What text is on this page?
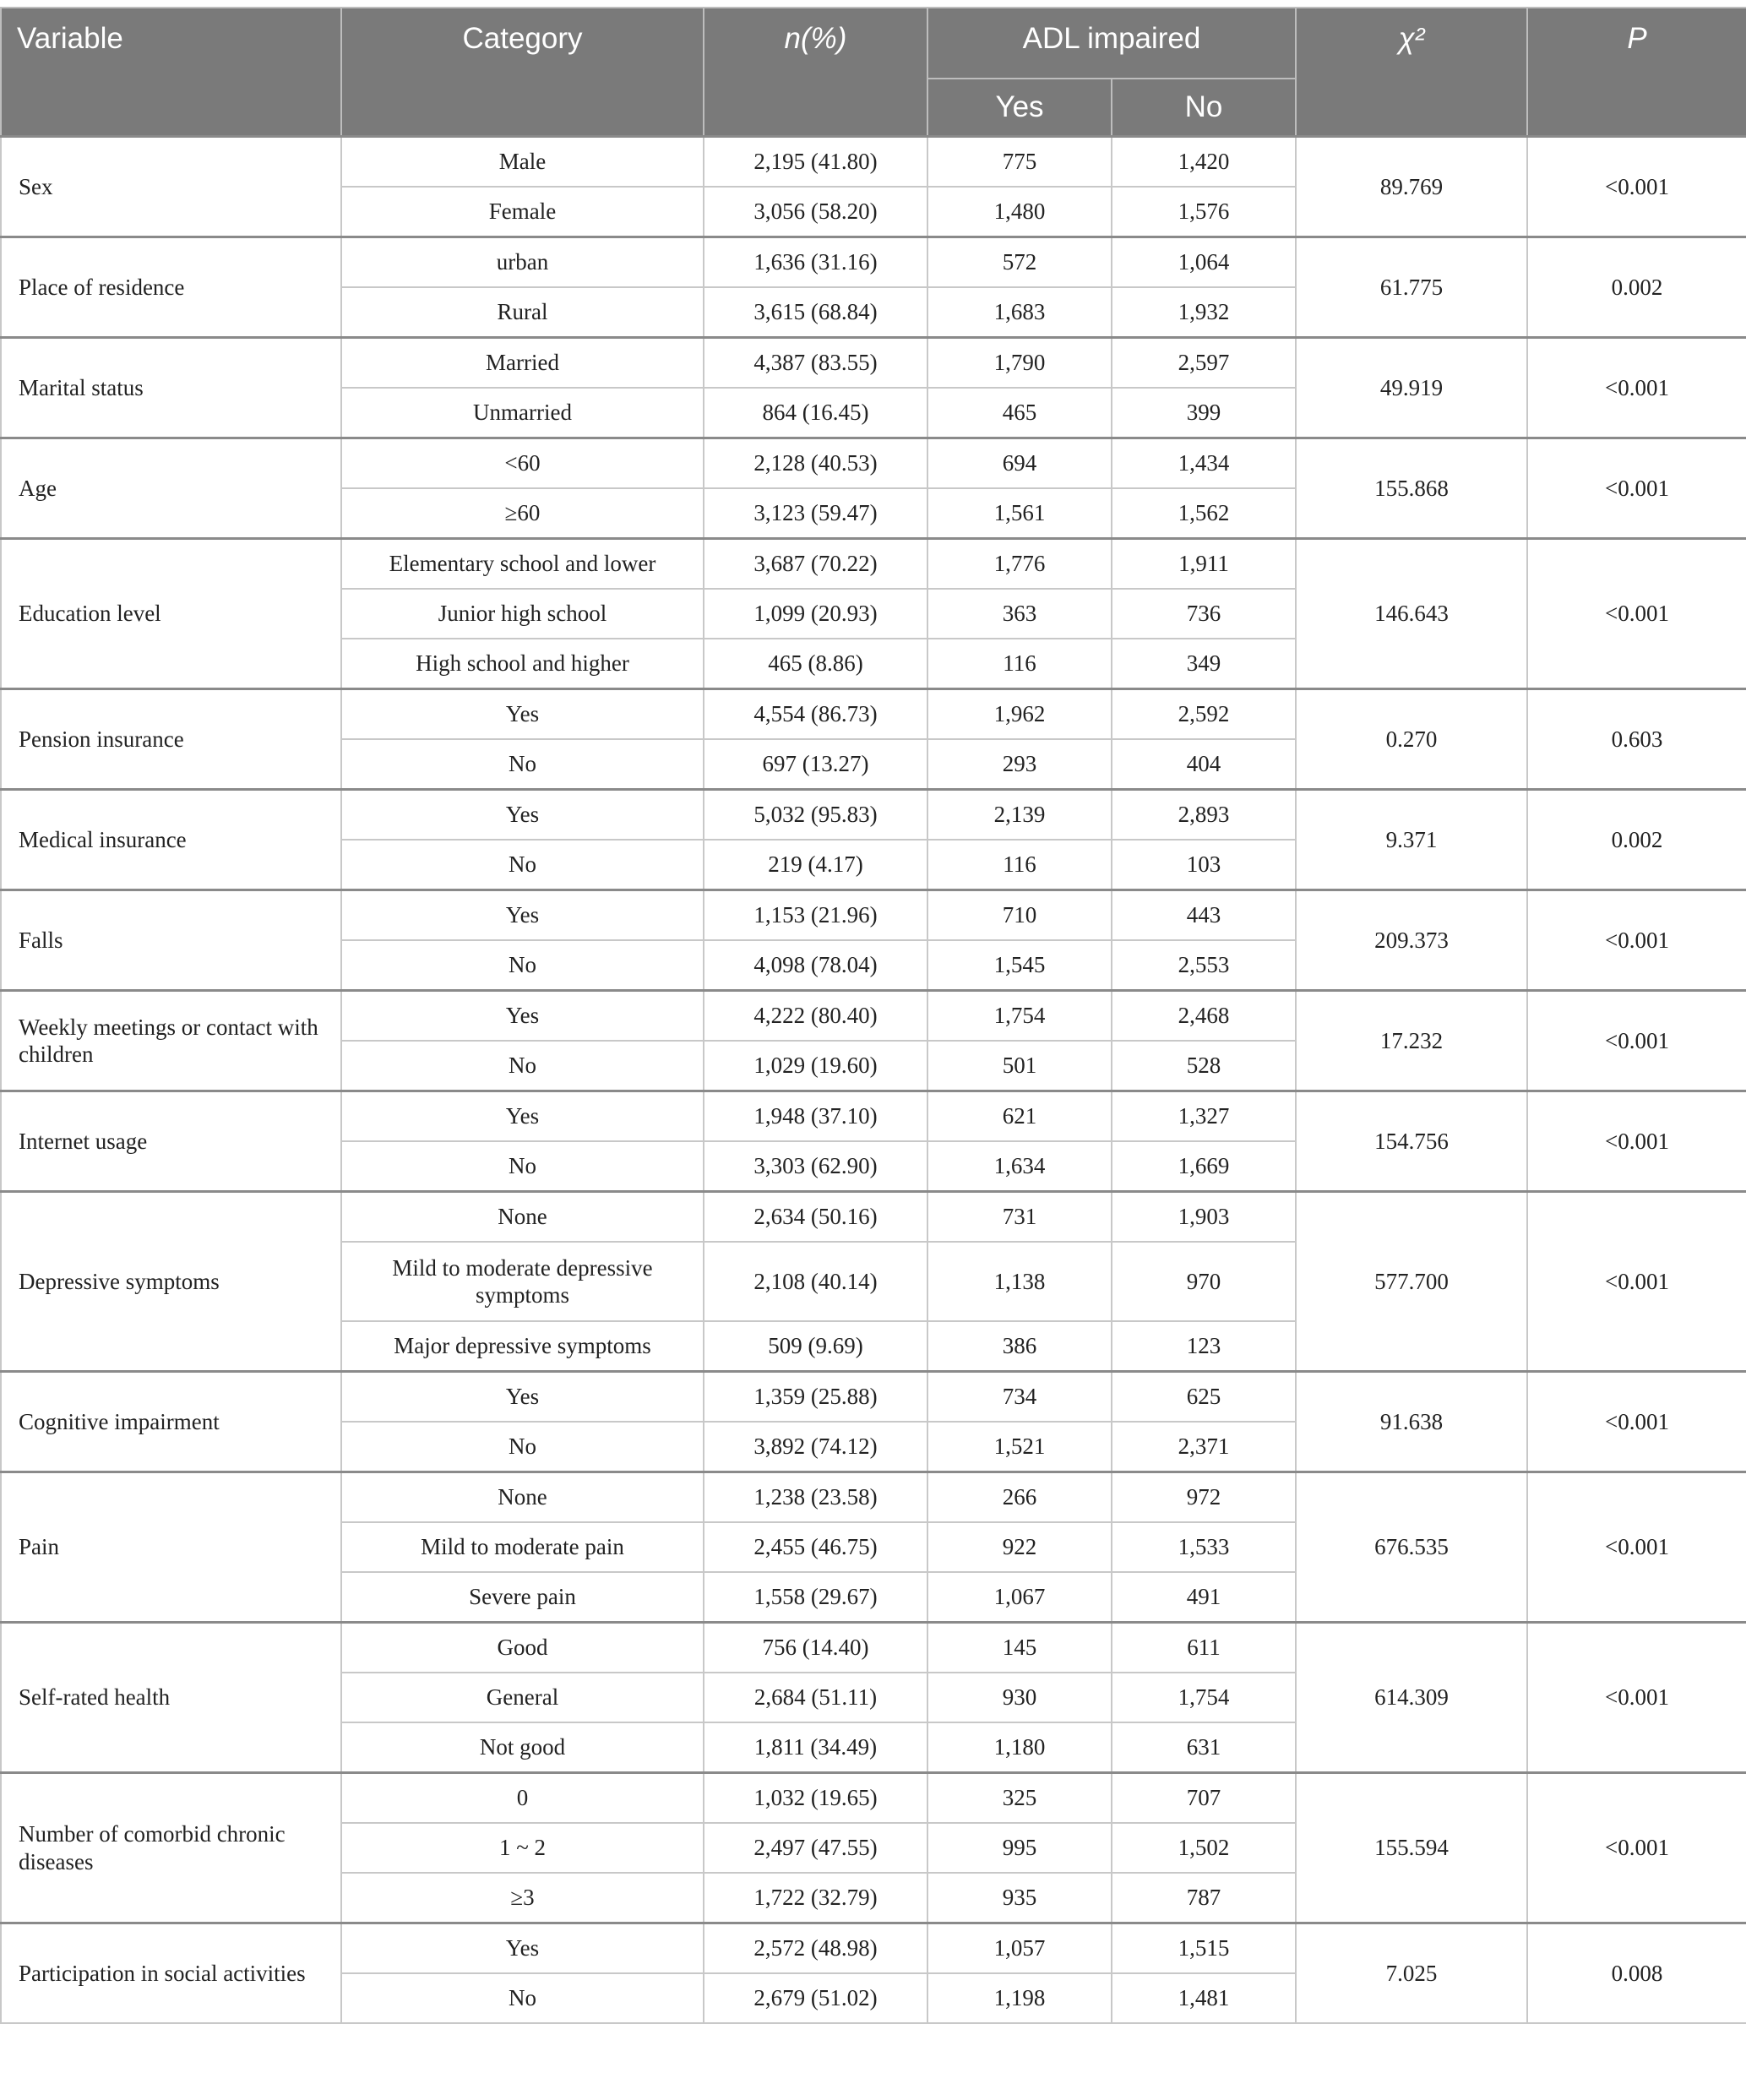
Variable	Category	n(%)	ADL impaired		χ²	P
			Yes	No		
Sex	Male	2,195 (41.80)	775	1,420	89.769	<0.001
	Female	3,056 (58.20)	1,480	1,576		
Place of residence	urban	1,636 (31.16)	572	1,064	61.775	0.002
	Rural	3,615 (68.84)	1,683	1,932		
Marital status	Married	4,387 (83.55)	1,790	2,597	49.919	<0.001
	Unmarried	864 (16.45)	465	399		
Age	<60	2,128 (40.53)	694	1,434	155.868	<0.001
	≥60	3,123 (59.47)	1,561	1,562		
Education level	Elementary school and lower	3,687 (70.22)	1,776	1,911	146.643	<0.001
	Junior high school	1,099 (20.93)	363	736		
	High school and higher	465 (8.86)	116	349		
Pension insurance	Yes	4,554 (86.73)	1,962	2,592	0.270	0.603
	No	697 (13.27)	293	404		
Medical insurance	Yes	5,032 (95.83)	2,139	2,893	9.371	0.002
	No	219 (4.17)	116	103		
Falls	Yes	1,153 (21.96)	710	443	209.373	<0.001
	No	4,098 (78.04)	1,545	2,553		
Weekly meetings or contact with children	Yes	4,222 (80.40)	1,754	2,468	17.232	<0.001
	No	1,029 (19.60)	501	528		
Internet usage	Yes	1,948 (37.10)	621	1,327	154.756	<0.001
	No	3,303 (62.90)	1,634	1,669		
Depressive symptoms	None	2,634 (50.16)	731	1,903	577.700	<0.001
	Mild to moderate depressive symptoms	2,108 (40.14)	1,138	970		
	Major depressive symptoms	509 (9.69)	386	123		
Cognitive impairment	Yes	1,359 (25.88)	734	625	91.638	<0.001
	No	3,892 (74.12)	1,521	2,371		
Pain	None	1,238 (23.58)	266	972	676.535	<0.001
	Mild to moderate pain	2,455 (46.75)	922	1,533		
	Severe pain	1,558 (29.67)	1,067	491		
Self-rated health	Good	756 (14.40)	145	611	614.309	<0.001
	General	2,684 (51.11)	930	1,754		
	Not good	1,811 (34.49)	1,180	631		
Number of comorbid chronic diseases	0	1,032 (19.65)	325	707	155.594	<0.001
	1 ~ 2	2,497 (47.55)	995	1,502		
	≥3	1,722 (32.79)	935	787		
Participation in social activities	Yes	2,572 (48.98)	1,057	1,515	7.025	0.008
	No	2,679 (51.02)	1,198	1,481		
